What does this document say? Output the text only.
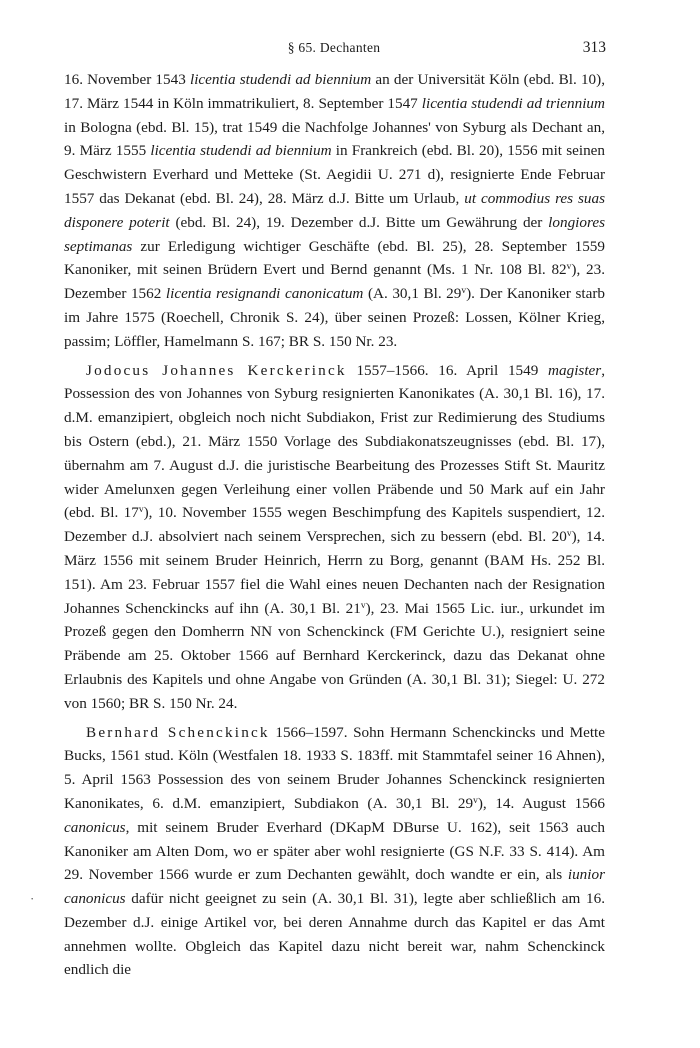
§ 65. Dechanten	313
·

16. November 1543 licentia studendi ad biennium an der Universität Köln (ebd. Bl. 10), 17. März 1544 in Köln immatrikuliert, 8. September 1547 licentia studendi ad triennium in Bologna (ebd. Bl. 15), trat 1549 die Nachfolge Johannes' von Syburg als Dechant an, 9. März 1555 licentia studendi ad biennium in Frankreich (ebd. Bl. 20), 1556 mit seinen Geschwistern Everhard und Metteke (St. Aegidii U. 271 d), resignierte Ende Februar 1557 das Dekanat (ebd. Bl. 24), 28. März d.J. Bitte um Urlaub, ut commodius res suas disponere poterit (ebd. Bl. 24), 19. Dezember d.J. Bitte um Gewährung der longiores septimanas zur Erledigung wichtiger Geschäfte (ebd. Bl. 25), 28. September 1559 Kanoniker, mit seinen Brüdern Evert und Bernd genannt (Ms. 1 Nr. 108 Bl. 82$^v$), 23. Dezember 1562 licentia resignandi canonicatum (A. 30,1 Bl. 29$^v$). Der Kanoniker starb im Jahre 1575 (Roechell, Chronik S. 24), über seinen Prozeß: Lossen, Kölner Krieg, passim; Löffler, Hamelmann S. 167; BR S. 150 Nr. 23.

Jodocus Johannes Kerckerinck 1557–1566. 16. April 1549 magister, Possession des von Johannes von Syburg resignierten Kanonikates (A. 30,1 Bl. 16), 17. d.M. emanzipiert, obgleich noch nicht Subdiakon, Frist zur Redimierung des Studiums bis Ostern (ebd.), 21. März 1550 Vorlage des Subdiakonatszeugnisses (ebd. Bl. 17), übernahm am 7. August d.J. die juristische Bearbeitung des Prozesses Stift St. Mauritz wider Amelunxen gegen Verleihung einer vollen Präbende und 50 Mark auf ein Jahr (ebd. Bl. 17$^v$), 10. November 1555 wegen Beschimpfung des Kapitels suspendiert, 12. Dezember d.J. absolviert nach seinem Versprechen, sich zu bessern (ebd. Bl. 20$^v$), 14. März 1556 mit seinem Bruder Heinrich, Herrn zu Borg, genannt (BAM Hs. 252 Bl. 151). Am 23. Februar 1557 fiel die Wahl eines neuen Dechanten nach der Resignation Johannes Schenckincks auf ihn (A. 30,1 Bl. 21$^v$), 23. Mai 1565 Lic. iur., urkundet im Prozeß gegen den Domherrn NN von Schenckinck (FM Gerichte U.), resigniert seine Präbende am 25. Oktober 1566 auf Bernhard Kerckerinck, dazu das Dekanat ohne Erlaubnis des Kapitels und ohne Angabe von Gründen (A. 30,1 Bl. 31); Siegel: U. 272 von 1560; BR S. 150 Nr. 24.

Bernhard Schenckinck 1566–1597. Sohn Hermann Schenckincks und Mette Bucks, 1561 stud. Köln (Westfalen 18. 1933 S. 183ff. mit Stammtafel seiner 16 Ahnen), 5. April 1563 Possession des von seinem Bruder Johannes Schenckinck resignierten Kanonikates, 6. d.M. emanzipiert, Subdiakon (A. 30,1 Bl. 29$^v$), 14. August 1566 canonicus, mit seinem Bruder Everhard (DKapM DBurse U. 162), seit 1563 auch Kanoniker am Alten Dom, wo er später aber wohl resignierte (GS N.F. 33 S. 414). Am 29. November 1566 wurde er zum Dechanten gewählt, doch wandte er ein, als iunior canonicus dafür nicht geeignet zu sein (A. 30,1 Bl. 31), legte aber schließlich am 16. Dezember d.J. einige Artikel vor, bei deren Annahme durch das Kapitel er das Amt annehmen wollte. Obgleich das Kapitel dazu nicht bereit war, nahm Schenckinck endlich die
